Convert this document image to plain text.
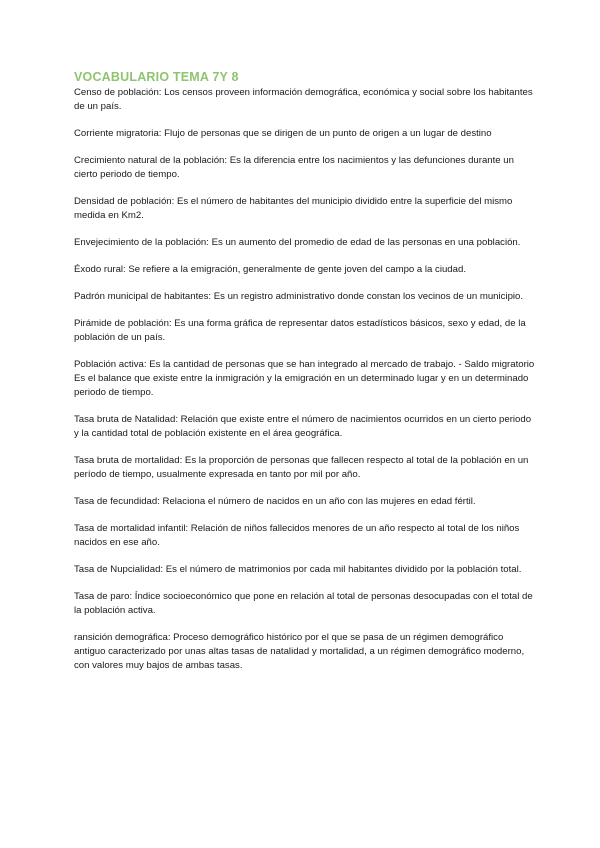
VOCABULARIO TEMA 7Y 8

Censo de población: Los censos proveen información demográfica, económica y social sobre los habitantes de un país.

Corriente migratoria: Flujo de personas que se dirigen de un punto de origen a un lugar de destino

Crecimiento natural de la población: Es la diferencia entre los nacimientos y las defunciones durante un cierto periodo de tiempo.

Densidad de población: Es el número de habitantes del municipio dividido entre la superficie del mismo medida en Km2.

Envejecimiento de la población: Es un aumento del promedio de edad de las personas en una población.

Éxodo rural: Se refiere a la emigración, generalmente de gente joven del campo a la ciudad.

Padrón municipal de habitantes: Es un registro administrativo donde constan los vecinos de un municipio.

Pirámide de población: Es una forma gráfica de representar datos estadísticos básicos, sexo y edad, de la población de un país.

Población activa: Es la cantidad de personas que se han integrado al mercado de trabajo. - Saldo migratorio Es el balance que existe entre la inmigración y la emigración en un determinado lugar y en un determinado periodo de tiempo.

Tasa bruta de Natalidad: Relación que existe entre el número de nacimientos ocurridos en un cierto periodo y la cantidad total de población existente en el área geográfica.

Tasa bruta de mortalidad: Es la proporción de personas que fallecen respecto al total de la población en un período de tiempo, usualmente expresada en tanto por mil por año.

Tasa de fecundidad: Relaciona el número de nacidos en un año con las mujeres en edad fértil.

Tasa de mortalidad infantil: Relación de niños fallecidos menores de un año respecto al total de los niños nacidos en ese año.

Tasa de Nupcialidad: Es el número de matrimonios por cada mil habitantes dividido por la población total.

Tasa de paro: Índice socioeconómico que pone en relación al total de personas desocupadas con el total de la población activa.

ransición demográfica: Proceso demográfico histórico por el que se pasa de un régimen demográfico antiguo caracterizado por unas altas tasas de natalidad y mortalidad, a un régimen demográfico moderno, con valores muy bajos de ambas tasas.
